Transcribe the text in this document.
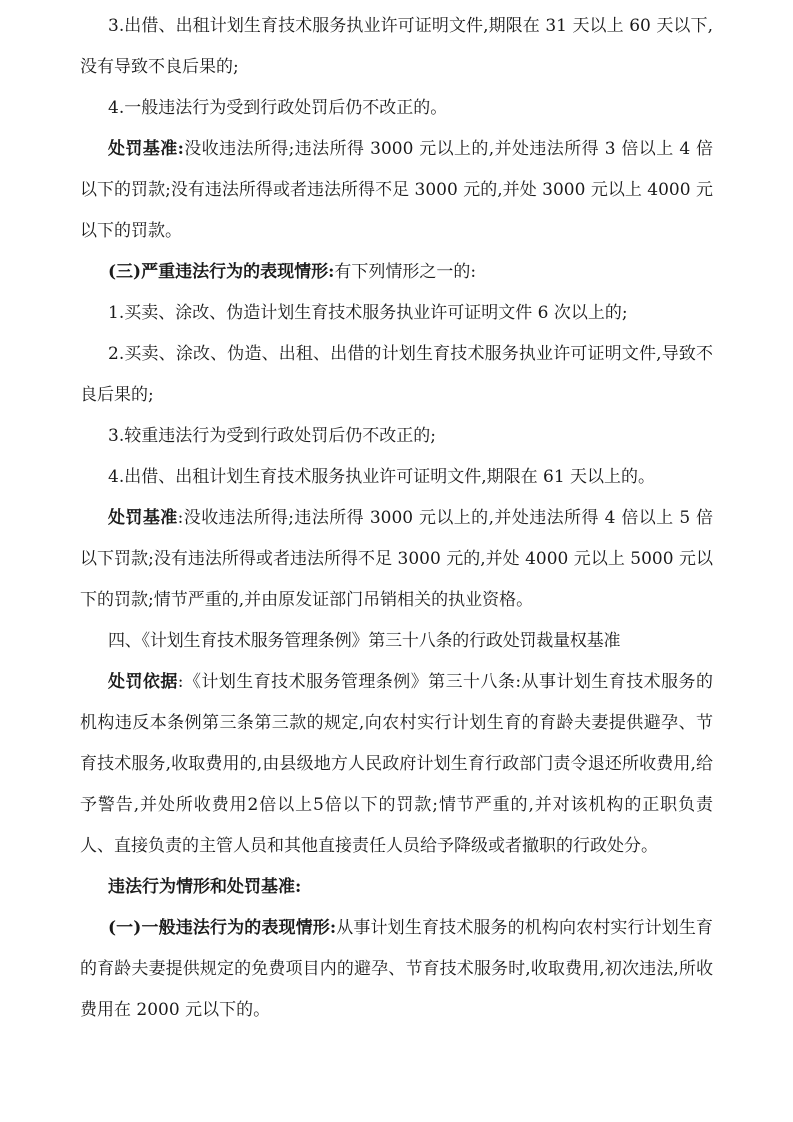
3.出借、出租计划生育技术服务执业许可证明文件,期限在 31 天以上 60 天以下,没有导致不良后果的;

4.一般违法行为受到行政处罚后仍不改正的。

处罚基准:没收违法所得;违法所得 3000 元以上的,并处违法所得 3 倍以上 4 倍以下的罚款;没有违法所得或者违法所得不足 3000 元的,并处 3000 元以上 4000 元以下的罚款。

(三)严重违法行为的表现情形:有下列情形之一的:

1.买卖、涂改、伪造计划生育技术服务执业许可证明文件 6 次以上的;

2.买卖、涂改、伪造、出租、出借的计划生育技术服务执业许可证明文件,导致不良后果的;

3.较重违法行为受到行政处罚后仍不改正的;

4.出借、出租计划生育技术服务执业许可证明文件,期限在 61 天以上的。

处罚基准:没收违法所得;违法所得 3000 元以上的,并处违法所得 4 倍以上 5 倍以下罚款;没有违法所得或者违法所得不足 3000 元的,并处 4000 元以上 5000 元以下的罚款;情节严重的,并由原发证部门吊销相关的执业资格。

四、《计划生育技术服务管理条例》第三十八条的行政处罚裁量权基准

处罚依据:《计划生育技术服务管理条例》第三十八条:从事计划生育技术服务的机构违反本条例第三条第三款的规定,向农村实行计划生育的育龄夫妻提供避孕、节育技术服务,收取费用的,由县级地方人民政府计划生育行政部门责令退还所收费用,给予警告,并处所收费用2倍以上5倍以下的罚款;情节严重的,并对该机构的正职负责人、直接负责的主管人员和其他直接责任人员给予降级或者撤职的行政处分。

违法行为情形和处罚基准:

(一)一般违法行为的表现情形:从事计划生育技术服务的机构向农村实行计划生育的育龄夫妻提供规定的免费项目内的避孕、节育技术服务时,收取费用,初次违法,所收费用在 2000 元以下的。
